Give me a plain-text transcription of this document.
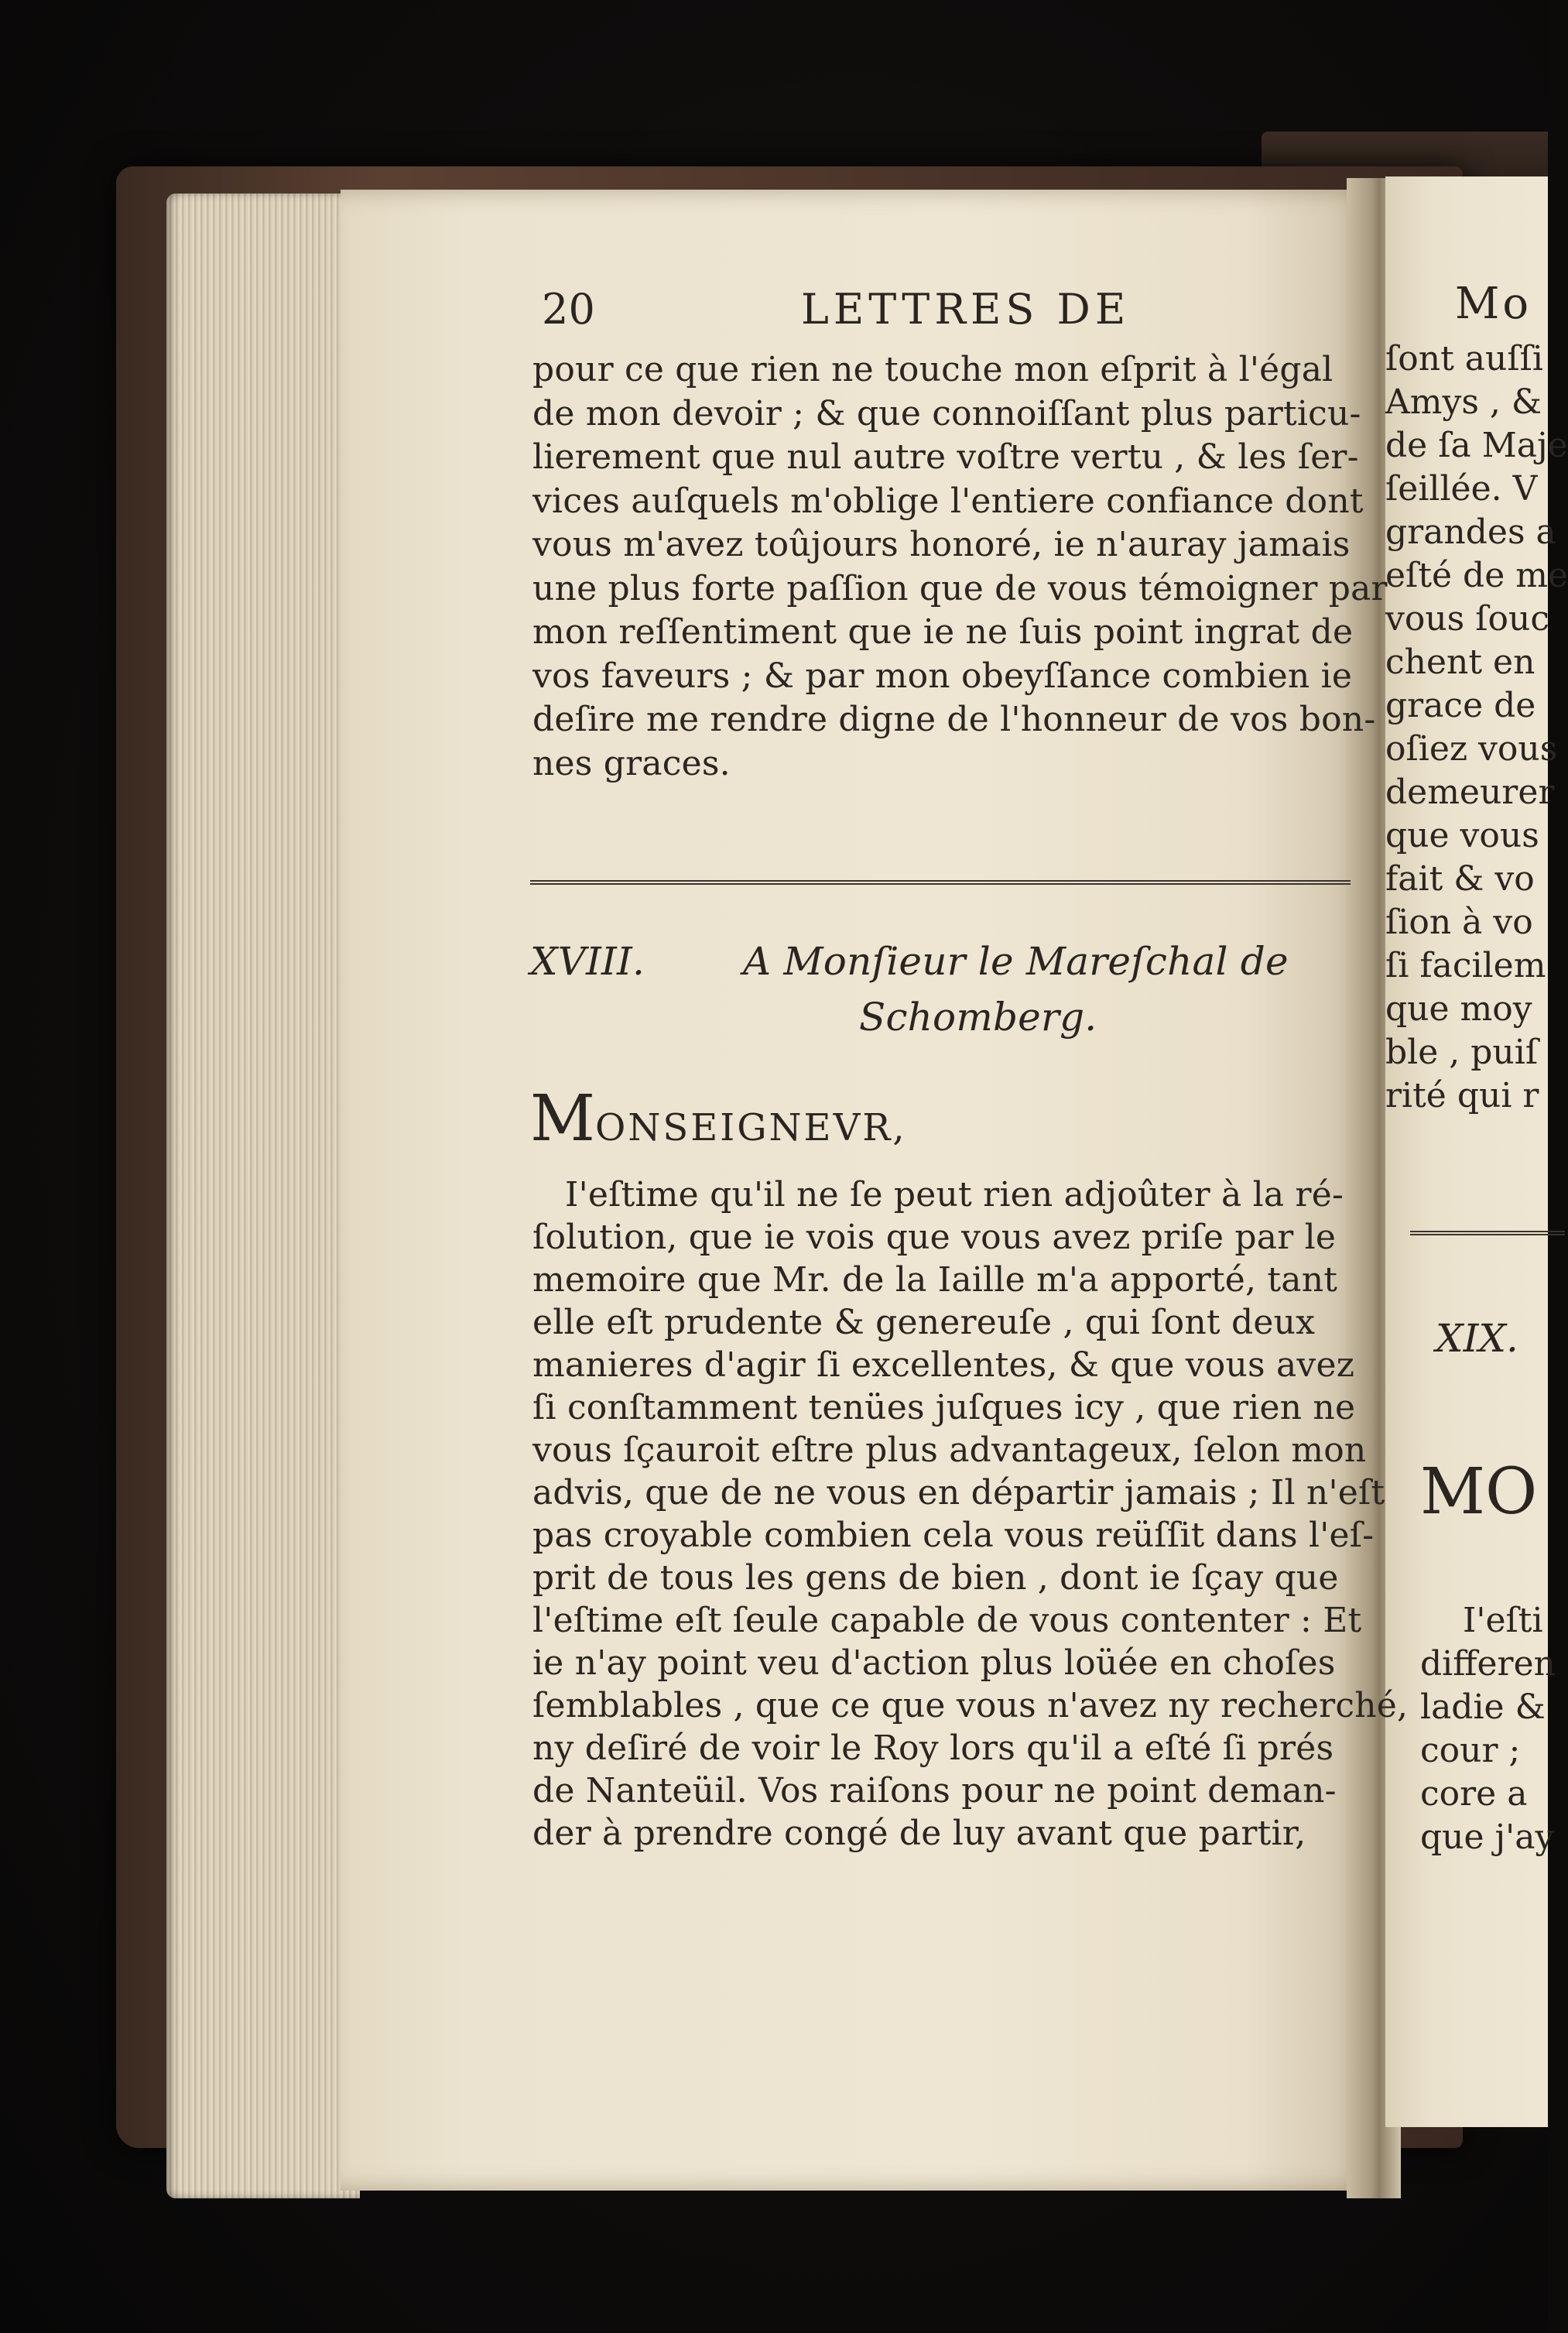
20	LETTRES DE
pour ce que rien ne touche mon eſprit à l'égal
de mon devoir ; & que connoiſſant plus particu-
lierement que nul autre voſtre vertu , & les ſer-
vices auſquels m'oblige l'entiere confiance dont
vous m'avez toûjours honoré, ie n'auray jamais
une plus forte paſſion que de vous témoigner par
mon reſſentiment que ie ne ſuis point ingrat de
vos faveurs ; & par mon obeyſſance combien ie
deſire me rendre digne de l'honneur de vos bon-
nes graces.
XVIII.	A Monſieur le Mareſchal de
Schomberg.
MONSEIGNEVR,
I'eſtime qu'il ne ſe peut rien adjoûter à la ré-
ſolution, que ie vois que vous avez priſe par le
memoire que Mr. de la Iaille m'a apporté, tant
elle eſt prudente & genereuſe , qui ſont deux
manieres d'agir ſi excellentes, & que vous avez
ſi conſtamment tenües juſques icy , que rien ne
vous ſçauroit eſtre plus advantageux, ſelon mon
advis, que de ne vous en départir jamais ; Il n'eſt
pas croyable combien cela vous reüſſit dans l'eſ-
prit de tous les gens de bien , dont ie ſçay que
l'eſtime eſt ſeule capable de vous contenter : Et
ie n'ay point veu d'action plus loüée en choſes
ſemblables , que ce que vous n'avez ny recherché,
ny deſiré de voir le Roy lors qu'il a eſté ſi prés
de Nanteüil. Vos raiſons pour ne point deman-
der à prendre congé de luy avant que partir,
Mo
ſont auſſi
Amys , &
de ſa Maje
ſeillée. V
grandes a
eſté de me
vous ſouc
chent en
grace de
oſiez vous
demeurer
que vous
fait & vo
ſion à vo
ſi facilem
que moy
ble , puiſ
rité qui r
XIX.
MO
I'eſti
differen
ladie &
cour ;
core a
que j'ay
